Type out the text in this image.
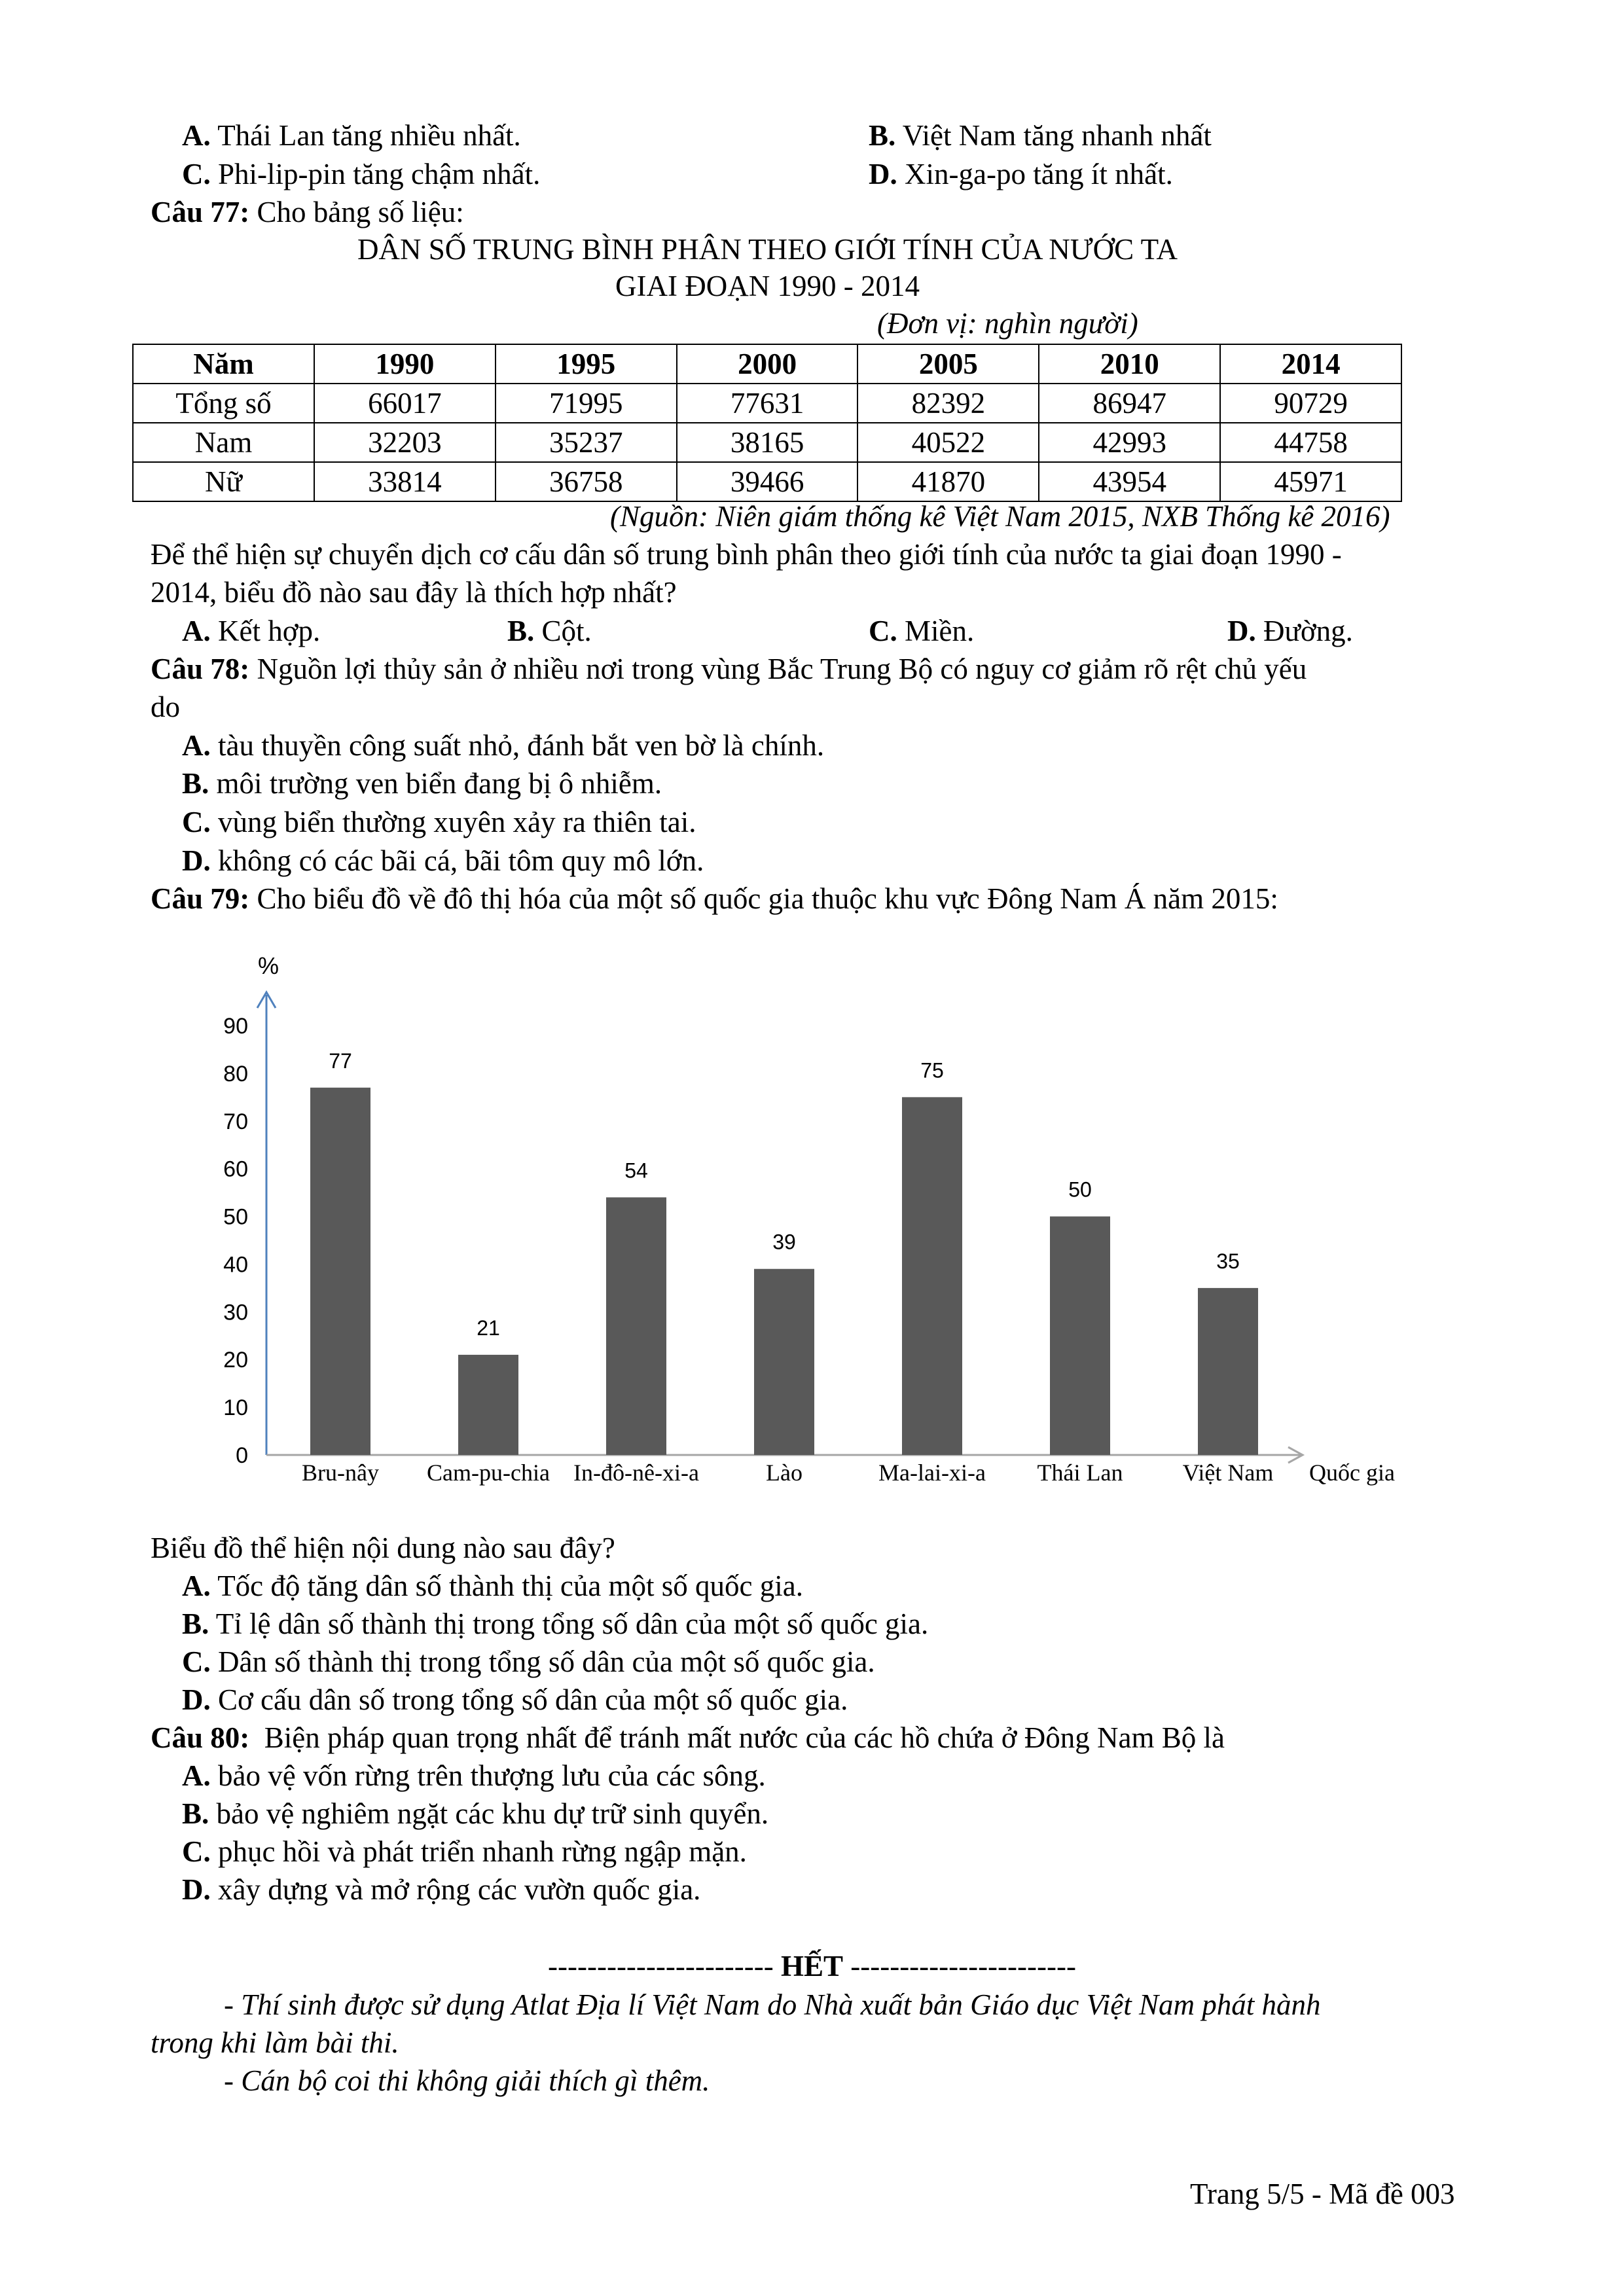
A. Thái Lan tăng nhiều nhất.	B. Việt Nam tăng nhanh nhất
C. Phi-lip-pin tăng chậm nhất.	D. Xin-ga-po tăng ít nhất.
Câu 77: Cho bảng số liệu:
DÂN SỐ TRUNG BÌNH PHÂN THEO GIỚI TÍNH CỦA NƯỚC TA
GIAI ĐOẠN 1990 - 2014
(Đơn vị: nghìn người)
Năm	1990	1995	2000	2005	2010	2014
Tổng số	66017	71995	77631	82392	86947	90729
Nam	32203	35237	38165	40522	42993	44758
Nữ	33814	36758	39466	41870	43954	45971
(Nguồn: Niên giám thống kê Việt Nam 2015, NXB Thống kê 2016)
Để thể hiện sự chuyển dịch cơ cấu dân số trung bình phân theo giới tính của nước ta giai đoạn 1990 -
2014, biểu đồ nào sau đây là thích hợp nhất?
A. Kết hợp.	B. Cột.	C. Miền.	D. Đường.
Câu 78: Nguồn lợi thủy sản ở nhiều nơi trong vùng Bắc Trung Bộ có nguy cơ giảm rõ rệt chủ yếu
do
A. tàu thuyền công suất nhỏ, đánh bắt ven bờ là chính.
B. môi trường ven biển đang bị ô nhiễm.
C. vùng biển thường xuyên xảy ra thiên tai.
D. không có các bãi cá, bãi tôm quy mô lớn.
Câu 79: Cho biểu đồ về đô thị hóa của một số quốc gia thuộc khu vực Đông Nam Á năm 2015:
0
10
20
30
40
50
60
70
80
90
77
21
54
39
75
50
35
Bru-nây Cam-pu-chia In-đô-nê-xi-a	Lào	Ma-lai-xi-a Thái Lan	Việt Nam
%
Quốc gia
Biểu đồ thể hiện nội dung nào sau đây?
A. Tốc độ tăng dân số thành thị của một số quốc gia.
B. Tỉ lệ dân số thành thị trong tổng số dân của một số quốc gia.
C. Dân số thành thị trong tổng số dân của một số quốc gia.
D. Cơ cấu dân số trong tổng số dân của một số quốc gia.
Câu 80: Biện pháp quan trọng nhất để tránh mất nước của các hồ chứa ở Đông Nam Bộ là
A. bảo vệ vốn rừng trên thượng lưu của các sông.
B. bảo vệ nghiêm ngặt các khu dự trữ sinh quyển.
C. phục hồi và phát triển nhanh rừng ngập mặn.
D. xây dựng và mở rộng các vườn quốc gia.
----------------------- HẾT -----------------------
- Thí sinh được sử dụng Atlat Địa lí Việt Nam do Nhà xuất bản Giáo dục Việt Nam phát hành
trong khi làm bài thi.
- Cán bộ coi thi không giải thích gì thêm.
Trang 5/5 - Mã đề 003
